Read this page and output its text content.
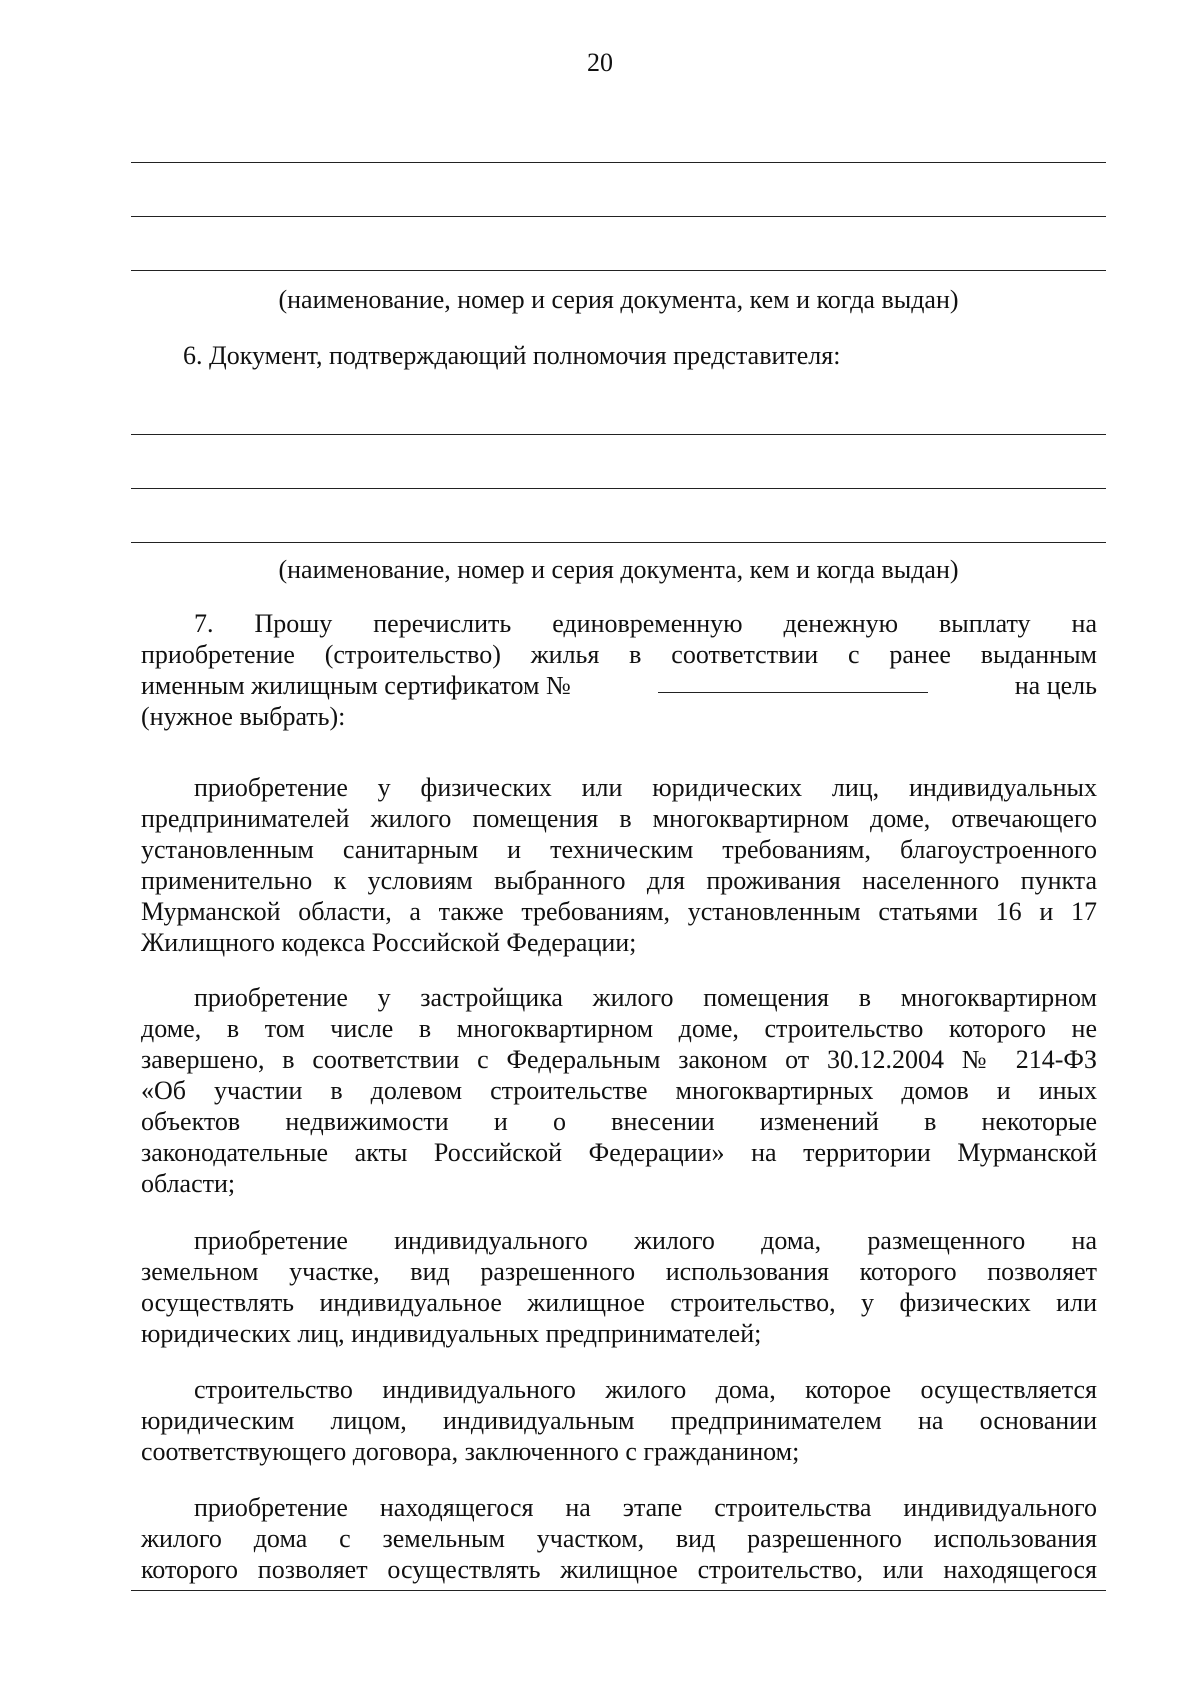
20
(наименование, номер и серия документа, кем и когда выдан)
6. Документ, подтверждающий полномочия представителя:
(наименование, номер и серия документа, кем и когда выдан)
7. Прошу перечислить единовременную денежную выплату на
приобретение (строительство) жилья в соответствии с ранее выданным
именным жилищным сертификатом №	на цель
(нужное выбрать):
приобретение у физических или юридических лиц, индивидуальных
предпринимателей жилого помещения в многоквартирном доме, отвечающего
установленным санитарным и техническим требованиям, благоустроенного
применительно к условиям выбранного для проживания населенного пункта
Мурманской области, а также требованиям, установленным статьями 16 и 17
Жилищного кодекса Российской Федерации;
приобретение у застройщика жилого помещения в многоквартирном
доме, в том числе в многоквартирном доме, строительство которого не
завершено, в соответствии с Федеральным законом от 30.12.2004 № 214-ФЗ
«Об участии в долевом строительстве многоквартирных домов и иных
объектов недвижимости и о внесении изменений в некоторые
законодательные акты Российской Федерации» на территории Мурманской
области;
приобретение индивидуального жилого дома, размещенного на
земельном участке, вид разрешенного использования которого позволяет
осуществлять индивидуальное жилищное строительство, у физических или
юридических лиц, индивидуальных предпринимателей;
строительство индивидуального жилого дома, которое осуществляется
юридическим лицом, индивидуальным предпринимателем на основании
соответствующего договора, заключенного с гражданином;
приобретение находящегося на этапе строительства индивидуального
жилого дома с земельным участком, вид разрешенного использования
которого позволяет осуществлять жилищное строительство, или находящегося
